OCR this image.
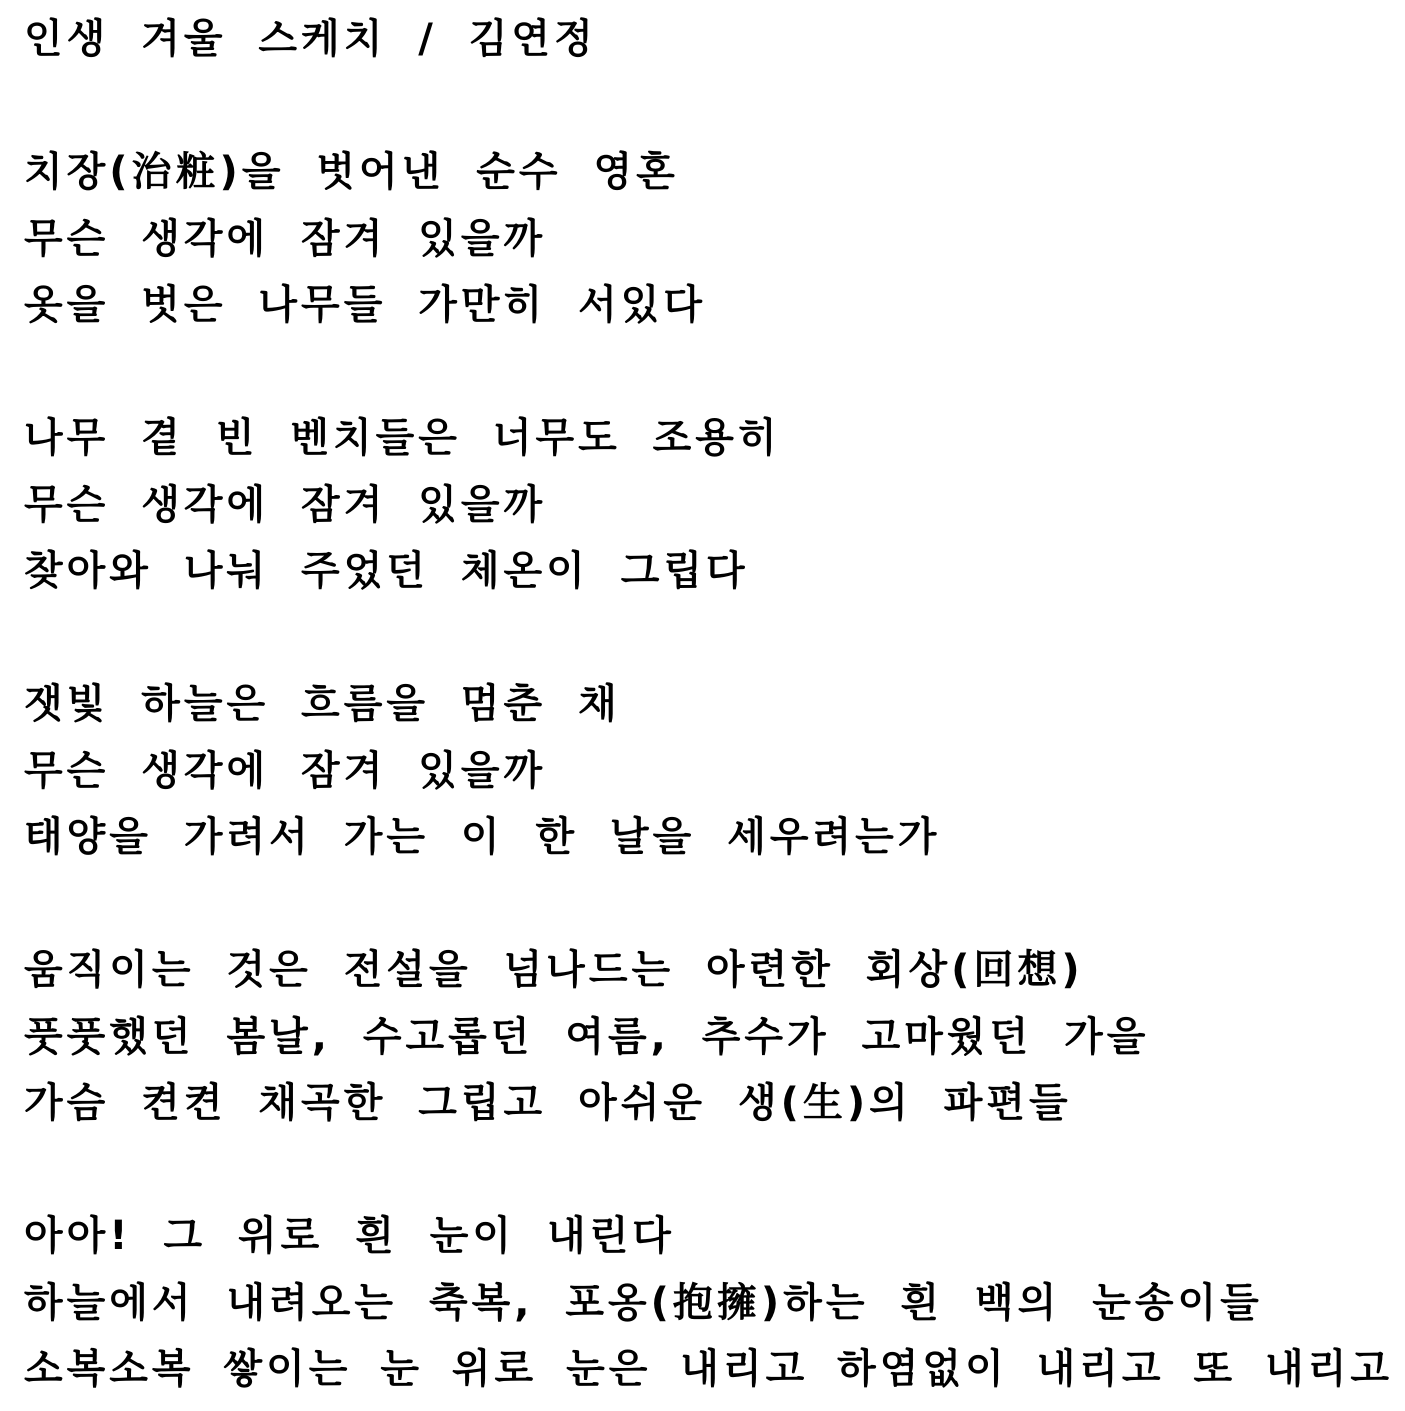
인생 겨울 스케치 / 김연정
치장(治粧)을 벗어낸 순수 영혼
무슨 생각에 잠겨 있을까
옷을 벗은 나무들 가만히 서있다
나무 곁 빈 벤치들은 너무도 조용히
무슨 생각에 잠겨 있을까
찾아와 나눠 주었던 체온이 그립다
잿빛 하늘은 흐름을 멈춘 채
무슨 생각에 잠겨 있을까
태양을 가려서 가는 이 한 날을 세우려는가
움직이는 것은 전설을 넘나드는 아련한 회상(回想)
풋풋했던 봄날, 수고롭던 여름, 추수가 고마웠던 가을
가슴 켠켠 채곡한 그립고 아쉬운 생(生)의 파편들
아아! 그 위로 흰 눈이 내린다
하늘에서 내려오는 축복, 포옹(抱擁)하는 흰 백의 눈송이들
소복소복 쌓이는 눈 위로 눈은 내리고 하염없이 내리고 또 내리고
